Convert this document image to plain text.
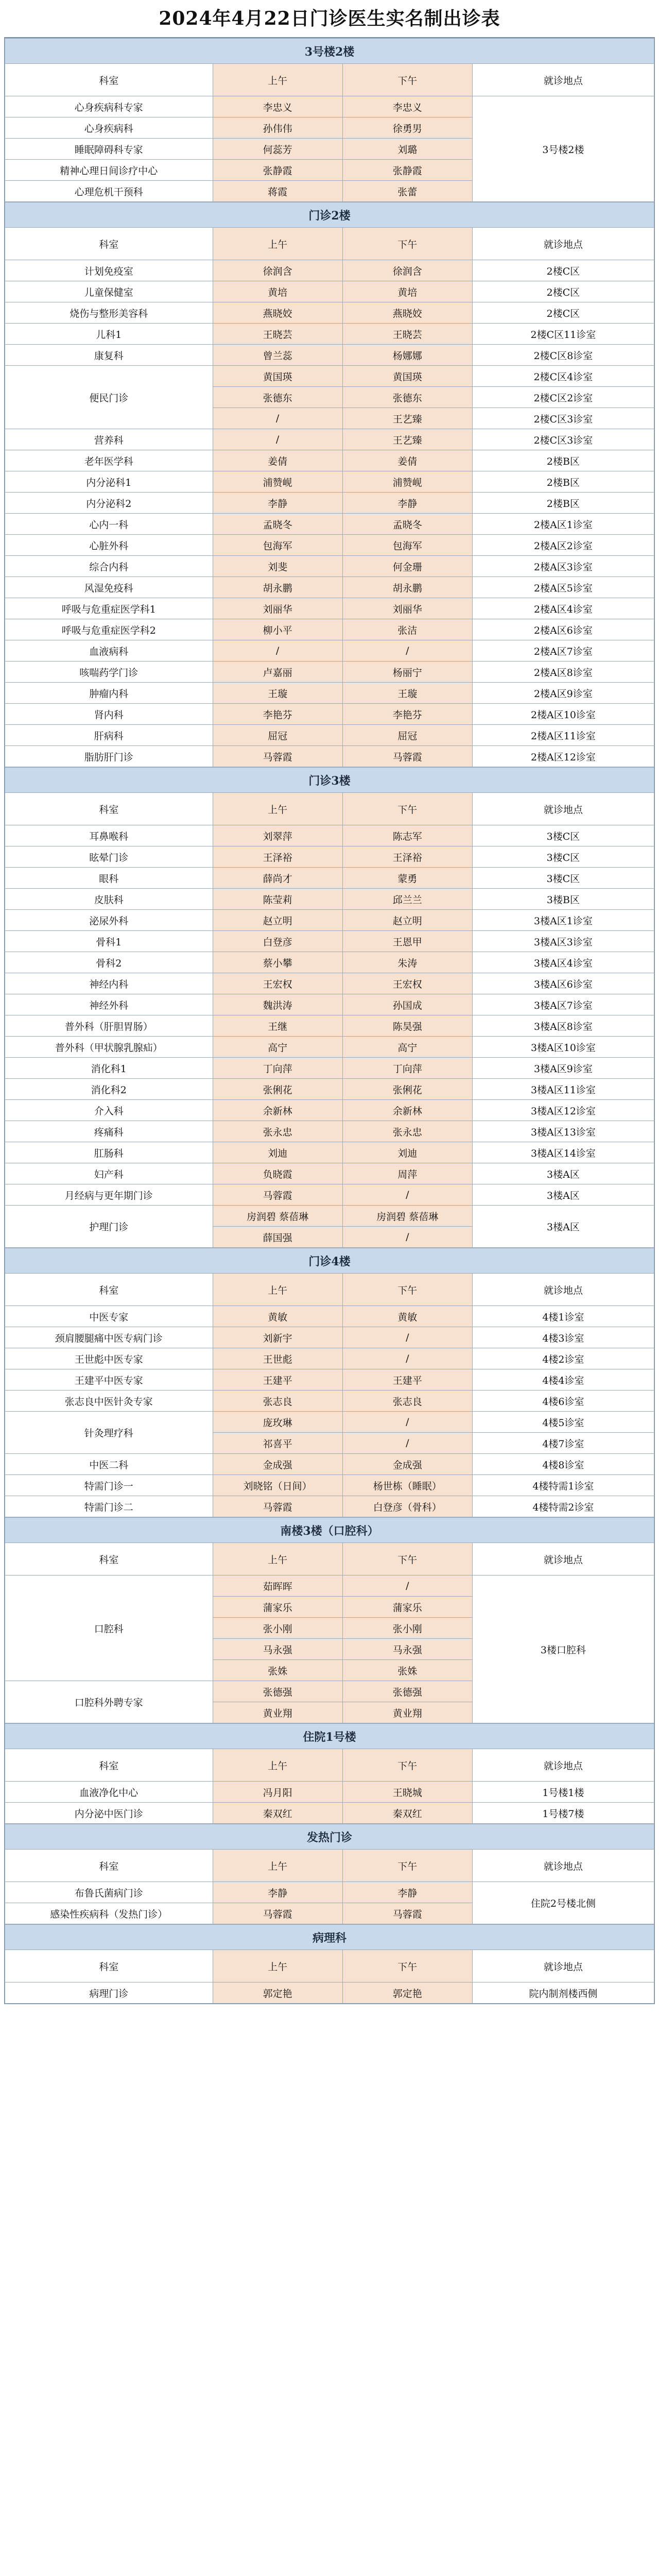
2024年4月22日门诊医生实名制出诊表
3号楼2楼			
科室	上午	下午	就诊地点
心身疾病科专家	李忠义	李忠义	3号楼2楼
心身疾病科	孙伟伟	徐勇男	
睡眠障碍科专家	何蕊芳	刘璐	
精神心理日间诊疗中心	张静霞	张静霞	
心理危机干预科	蒋霞	张蕾	
门诊2楼			
科室	上午	下午	就诊地点
计划免疫室	徐润含	徐润含	2楼C区
儿童保健室	黄培	黄培	2楼C区
烧伤与整形美容科	燕晓姣	燕晓姣	2楼C区
儿科1	王晓芸	王晓芸	2楼C区11诊室
康复科	曾兰蕊	杨娜娜	2楼C区8诊室
便民门诊	黄国瑛	黄国瑛	2楼C区4诊室
	张德东	张德东	2楼C区2诊室
	/	王艺臻	2楼C区3诊室
营养科	/	王艺臻	2楼C区3诊室
老年医学科	姜倩	姜倩	2楼B区
内分泌科1	浦赞岘	浦赞岘	2楼B区
内分泌科2	李静	李静	2楼B区
心内一科	孟晓冬	孟晓冬	2楼A区1诊室
心脏外科	包海军	包海军	2楼A区2诊室
综合内科	刘斐	何金珊	2楼A区3诊室
风湿免疫科	胡永鹏	胡永鹏	2楼A区5诊室
呼吸与危重症医学科1	刘丽华	刘丽华	2楼A区4诊室
呼吸与危重症医学科2	柳小平	张洁	2楼A区6诊室
血液病科	/	/	2楼A区7诊室
咳喘药学门诊	卢嘉丽	杨丽宁	2楼A区8诊室
肿瘤内科	王璇	王璇	2楼A区9诊室
肾内科	李艳芬	李艳芬	2楼A区10诊室
肝病科	屈冠	屈冠	2楼A区11诊室
脂肪肝门诊	马蓉霞	马蓉霞	2楼A区12诊室
门诊3楼			
科室	上午	下午	就诊地点
耳鼻喉科	刘翠萍	陈志军	3楼C区
眩晕门诊	王泽裕	王泽裕	3楼C区
眼科	薛尚才	蒙勇	3楼C区
皮肤科	陈莹莉	邱兰兰	3楼B区
泌尿外科	赵立明	赵立明	3楼A区1诊室
骨科1	白登彦	王恩甲	3楼A区3诊室
骨科2	蔡小攀	朱涛	3楼A区4诊室
神经内科	王宏权	王宏权	3楼A区6诊室
神经外科	魏洪涛	孙国成	3楼A区7诊室
普外科（肝胆胃肠）	王继	陈昊强	3楼A区8诊室
普外科（甲状腺乳腺疝）	高宁	高宁	3楼A区10诊室
消化科1	丁向萍	丁向萍	3楼A区9诊室
消化科2	张俐花	张俐花	3楼A区11诊室
介入科	余新林	余新林	3楼A区12诊室
疼痛科	张永忠	张永忠	3楼A区13诊室
肛肠科	刘迪	刘迪	3楼A区14诊室
妇产科	负晓霞	周萍	3楼A区
月经病与更年期门诊	马蓉霞	/	3楼A区
护理门诊	房润碧 蔡蓓琳	房润碧 蔡蓓琳	3楼A区
	薛国强	/	
门诊4楼			
科室	上午	下午	就诊地点
中医专家	黄敏	黄敏	4楼1诊室
颈肩腰腿痛中医专病门诊	刘新宇	/	4楼3诊室
王世彪中医专家	王世彪	/	4楼2诊室
王建平中医专家	王建平	王建平	4楼4诊室
张志良中医针灸专家	张志良	张志良	4楼6诊室
针灸理疗科	庞玫琳	/	4楼5诊室
	祁喜平	/	4楼7诊室
中医二科	金成强	金成强	4楼8诊室
特需门诊一	刘晓铭（日间）	杨世栋（睡眠）	4楼特需1诊室
特需门诊二	马蓉霞	白登彦（骨科）	4楼特需2诊室
南楼3楼（口腔科）			
科室	上午	下午	就诊地点
口腔科	茹晖晖	/	3楼口腔科
	蒲家乐	蒲家乐	
	张小刚	张小刚	
	马永强	马永强	
	张姝	张姝	
口腔科外聘专家	张德强	张德强	
	黄业翔	黄业翔	
住院1号楼			
科室	上午	下午	就诊地点
血液净化中心	冯月阳	王晓城	1号楼1楼
内分泌中医门诊	秦双红	秦双红	1号楼7楼
发热门诊			
科室	上午	下午	就诊地点
布鲁氏菌病门诊	李静	李静	住院2号楼北侧
感染性疾病科（发热门诊）	马蓉霞	马蓉霞	
病理科			
科室	上午	下午	就诊地点
病理门诊	郭定艳	郭定艳	院内制剂楼西侧
